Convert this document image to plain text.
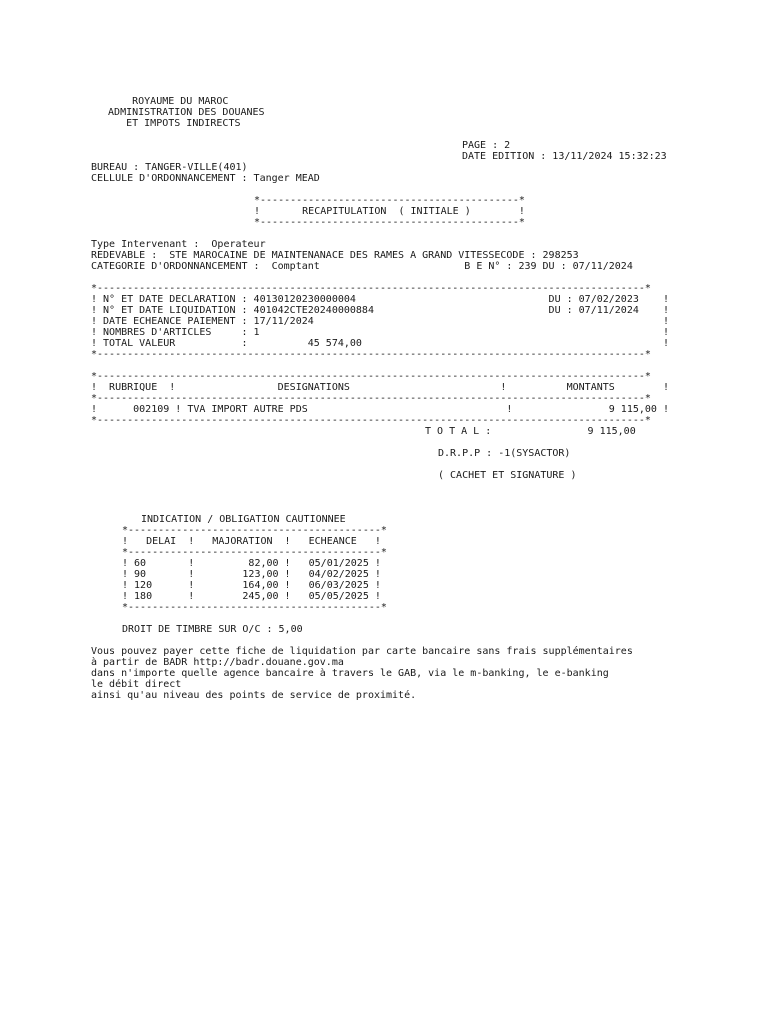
ROYAUME DU MAROC
ADMINISTRATION DES DOUANES
ET IMPOTS INDIRECTS
PAGE : 2
DATE EDITION : 13/11/2024 15:32:23
BUREAU : TANGER-VILLE(401)
CELLULE D'ORDONNANCEMENT : Tanger MEAD
*-------------------------------------------*
!       RECAPITULATION  ( INITIALE )        !
*-------------------------------------------*
Type Intervenant :  Operateur
REDEVABLE :  STE MAROCAINE DE MAINTENANACE DES RAMES A GRAND VITESSECODE : 298253
CATEGORIE D'ORDONNANCEMENT :  Comptant                        B E N° : 239 DU : 07/11/2024
*-------------------------------------------------------------------------------------------*
! N° ET DATE DECLARATION : 40130120230000004                                DU : 07/02/2023    !
! N° ET DATE LIQUIDATION : 401042CTE20240000884                             DU : 07/11/2024    !
! DATE ECHEANCE PAIEMENT : 17/11/2024                                                          !
! NOMBRES D'ARTICLES     : 1                                                                   !
! TOTAL VALEUR           :          45 574,00                                                  !
*-------------------------------------------------------------------------------------------*
*-------------------------------------------------------------------------------------------*
!  RUBRIQUE  !                 DESIGNATIONS                         !          MONTANTS        !
*-------------------------------------------------------------------------------------------*
!      002109 ! TVA IMPORT AUTRE PDS                                 !                9 115,00 !
*-------------------------------------------------------------------------------------------*
T O T A L :                9 115,00
D.R.P.P : -1(SYSACTOR)
( CACHET ET SIGNATURE )
INDICATION / OBLIGATION CAUTIONNEE
*------------------------------------------*
!   DELAI  !   MAJORATION  !   ECHEANCE   !
*------------------------------------------*
! 60       !         82,00 !   05/01/2025 !
! 90       !        123,00 !   04/02/2025 !
! 120      !        164,00 !   06/03/2025 !
! 180      !        245,00 !   05/05/2025 !
*------------------------------------------*
DROIT DE TIMBRE SUR O/C : 5,00
Vous pouvez payer cette fiche de liquidation par carte bancaire sans frais supplémentaires
à partir de BADR http://badr.douane.gov.ma
dans n'importe quelle agence bancaire à travers le GAB, via le m-banking, le e-banking
le débit direct
ainsi qu'au niveau des points de service de proximité.
